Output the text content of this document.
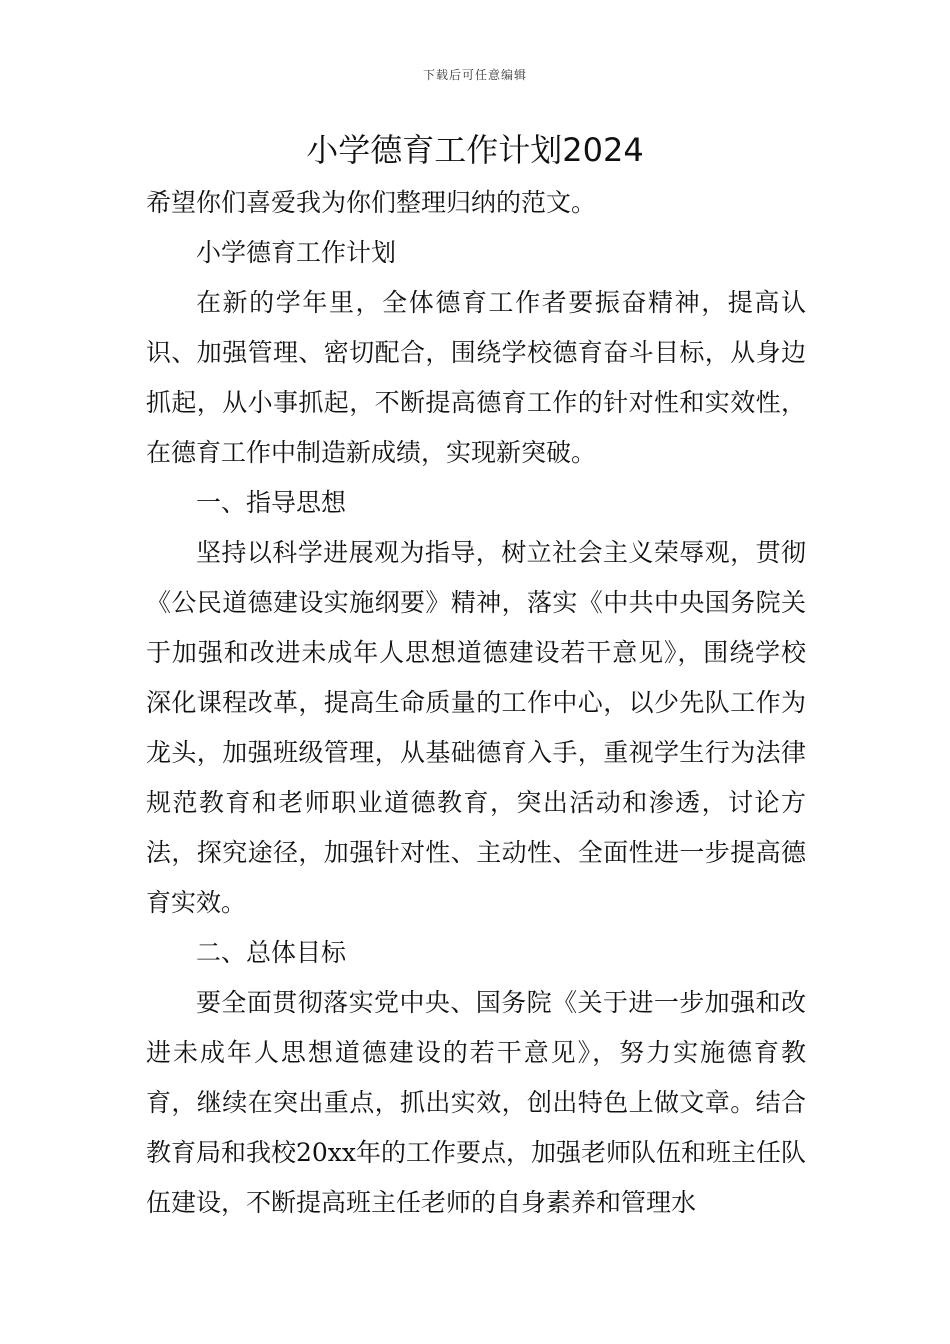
下载后可任意编辑
小学德育工作计划2024

希望你们喜爱我为你们整理归纳的范文。

小学德育工作计划

在新的学年里，全体德育工作者要振奋精神，提高认识、加强管理、密切配合，围绕学校德育奋斗目标，从身边抓起，从小事抓起，不断提高德育工作的针对性和实效性，在德育工作中制造新成绩，实现新突破。

一、指导思想

坚持以科学进展观为指导，树立社会主义荣辱观，贯彻《公民道德建设实施纲要》精神，落实《中共中央国务院关于加强和改进未成年人思想道德建设若干意见》，围绕学校深化课程改革，提高生命质量的工作中心，以少先队工作为龙头，加强班级管理，从基础德育入手，重视学生行为法律规范教育和老师职业道德教育，突出活动和渗透，讨论方法，探究途径，加强针对性、主动性、全面性进一步提高德育实效。

二、总体目标

要全面贯彻落实党中央、国务院《关于进一步加强和改进未成年人思想道德建设的若干意见》，努力实施德育教育，继续在突出重点，抓出实效，创出特色上做文章。结合教育局和我校20xx年的工作要点，加强老师队伍和班主任队伍建设，不断提高班主任老师的自身素养和管理水
